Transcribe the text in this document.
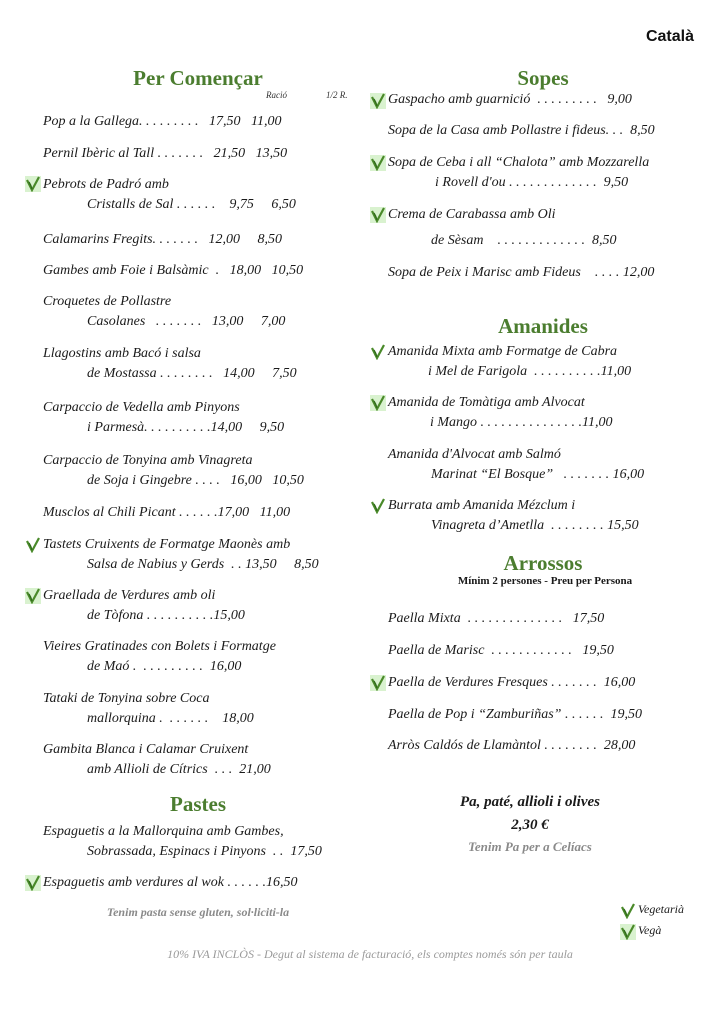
Català
Per Començar
Ració	1/2 R.
Pop a la Gallega. . . . . . . . .   17,50   11,00
Pernil Ibèric al Tall . . . . . . .   21,50   13,50
Pebrots de Padró amb
Cristalls de Sal . . . . . .    9,75     6,50
Calamarins Fregits. . . . . . .   12,00     8,50
Gambes amb Foie i Balsàmic  .   18,00   10,50
Croquetes de Pollastre
Casolanes   . . . . . . .   13,00     7,00
Llagostins amb Bacó i salsa
de Mostassa . . . . . . . .   14,00     7,50
Carpaccio de Vedella amb Pinyons
i Parmesà. . . . . . . . . .14,00     9,50
Carpaccio de Tonyina amb Vinagreta
de Soja i Gingebre . . . .   16,00   10,50
Musclos al Chili Picant . . . . . .17,00   11,00
Tastets Cruixents de Formatge Maonès amb
Salsa de Nabius y Gerds  . . 13,50     8,50
Graellada de Verdures amb oli
de Tòfona . . . . . . . . . .15,00
Vieires Gratinades con Bolets i Formatge
de Maó .  . . . . . . . . .  16,00
Tataki de Tonyina sobre Coca
mallorquina .  . . . . . .    18,00
Gambita Blanca i Calamar Cruixent
amb Allioli de Cítrics  . . .  21,00
Pastes
Espaguetis a la Mallorquina amb Gambes,
Sobrassada, Espinacs i Pinyons  . .  17,50
Espaguetis amb verdures al wok . . . . . .16,50
Tenim pasta sense gluten, sol·liciti-la
Sopes
Gaspacho amb guarnició  . . . . . . . . .   9,00
Sopa de la Casa amb Pollastre i fideus. . .  8,50
Sopa de Ceba i all “Chalota” amb Mozzarella
i Rovell d'ou . . . . . . . . . . . . .  9,50
Crema de Carabassa amb Oli
de Sèsam    . . . . . . . . . . . . .  8,50
Sopa de Peix i Marisc amb Fideus    . . . . 12,00
Amanides
Amanida Mixta amb Formatge de Cabra
i Mel de Farigola  . . . . . . . . . .11,00
Amanida de Tomàtiga amb Alvocat
i Mango . . . . . . . . . . . . . . .11,00
Amanida d'Alvocat amb Salmó
Marinat “El Bosque”   . . . . . . . 16,00
Burrata amb Amanida Mézclum i
Vinagreta d’Ametlla  . . . . . . . . 15,50
Arrossos
Mínim 2 persones - Preu per Persona
Paella Mixta  . . . . . . . . . . . . . .   17,50
Paella de Marisc  . . . . . . . . . . . .   19,50
Paella de Verdures Fresques . . . . . . .  16,00
Paella de Pop i “Zamburiñas” . . . . . .  19,50
Arròs Caldós de Llamàntol . . . . . . . .  28,00
Pa, paté, allioli i olives
2,30 €
Tenim Pa per a Celíacs
Vegetarià
Vegà
10% IVA INCLÒS - Degut al sistema de facturació, els comptes només són per taula
